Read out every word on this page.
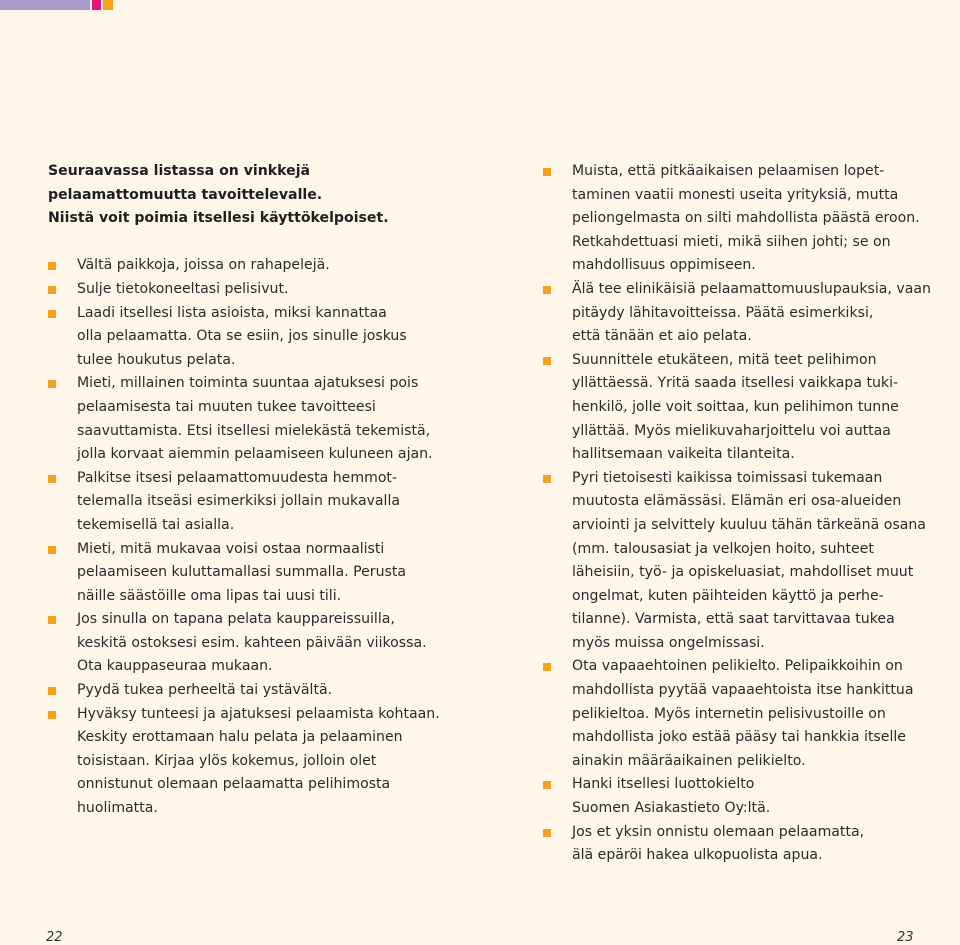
Seuraavassa listassa on vinkkejä
pelaamattomuutta tavoittelevalle.
Niistä voit poimia itsellesi käyttökelpoiset.

Vältä paikkoja, joissa on rahapelejä.
Sulje tietokoneeltasi pelisivut.
Laadi itsellesi lista asioista, miksi kannattaa
olla pelaamatta. Ota se esiin, jos sinulle joskus
tulee houkutus pelata.
Mieti, millainen toiminta suuntaa ajatuksesi pois
pelaamisesta tai muuten tukee tavoitteesi
saavuttamista. Etsi itsellesi mielekästä tekemistä,
jolla korvaat aiemmin pelaamiseen kuluneen ajan.
Palkitse itsesi pelaamattomuudesta hemmot-
telemalla itseäsi esimerkiksi jollain mukavalla
tekemisellä tai asialla.
Mieti, mitä mukavaa voisi ostaa normaalisti
pelaamiseen kuluttamallasi summalla. Perusta
näille säästöille oma lipas tai uusi tili.
Jos sinulla on tapana pelata kauppareissuilla,
keskitä ostoksesi esim. kahteen päivään viikossa.
Ota kauppaseuraa mukaan.
Pyydä tukea perheeltä tai ystävältä.
Hyväksy tunteesi ja ajatuksesi pelaamista kohtaan.
Keskity erottamaan halu pelata ja pelaaminen
toisistaan. Kirjaa ylös kokemus, jolloin olet
onnistunut olemaan pelaamatta pelihimosta
huolimatta.
Muista, että pitkäaikaisen pelaamisen lopet-
taminen vaatii monesti useita yrityksiä, mutta
peliongelmasta on silti mahdollista päästä eroon.
Retkahdettuasi mieti, mikä siihen johti; se on
mahdollisuus oppimiseen.
Älä tee elinikäisiä pelaamattomuuslupauksia, vaan
pitäydy lähitavoitteissa. Päätä esimerkiksi,
että tänään et aio pelata.
Suunnittele etukäteen, mitä teet pelihimon
yllättäessä. Yritä saada itsellesi vaikkapa tuki-
henkilö, jolle voit soittaa, kun pelihimon tunne
yllättää. Myös mielikuvaharjoittelu voi auttaa
hallitsemaan vaikeita tilanteita.
Pyri tietoisesti kaikissa toimissasi tukemaan
muutosta elämässäsi. Elämän eri osa-alueiden
arviointi ja selvittely kuuluu tähän tärkeänä osana
(mm. talousasiat ja velkojen hoito, suhteet
läheisiin, työ- ja opiskeluasiat, mahdolliset muut
ongelmat, kuten päihteiden käyttö ja perhe-
tilanne). Varmista, että saat tarvittavaa tukea
myös muissa ongelmissasi.
Ota vapaaehtoinen pelikielto. Pelipaikkoihin on
mahdollista pyytää vapaaehtoista itse hankittua
pelikieltoa. Myös internetin pelisivustoille on
mahdollista joko estää pääsy tai hankkia itselle
ainakin määräaikainen pelikielto.
Hanki itsellesi luottokielto
Suomen Asiakastieto Oy:ltä.
Jos et yksin onnistu olemaan pelaamatta,
älä epäröi hakea ulkopuolista apua.
22	23
